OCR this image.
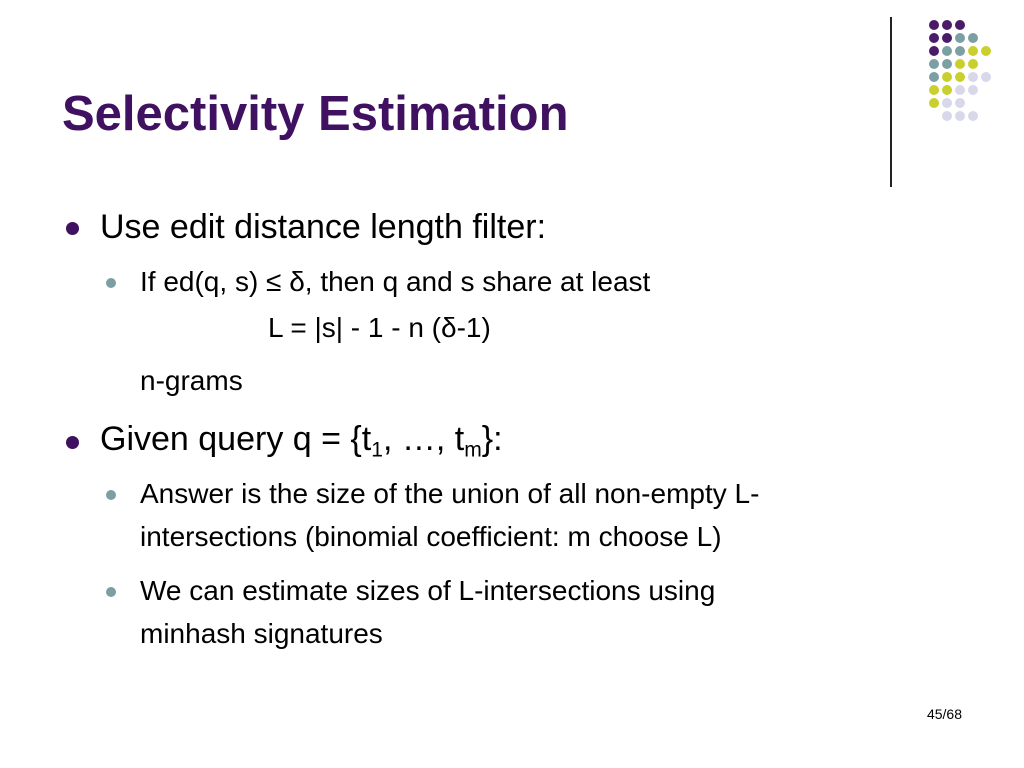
Selectivity Estimation
Use edit distance length filter:
If ed(q, s) ≤ δ, then q and s share at least
L = |s| - 1 - n (δ-1)
n-grams
Given query $q = \{t_1$, …, $t_m$}:
Answer is the size of the union of all non-empty L-
intersections (binomial coefficient: m choose L)
We can estimate sizes of L-intersections using
minhash signatures
45/68
